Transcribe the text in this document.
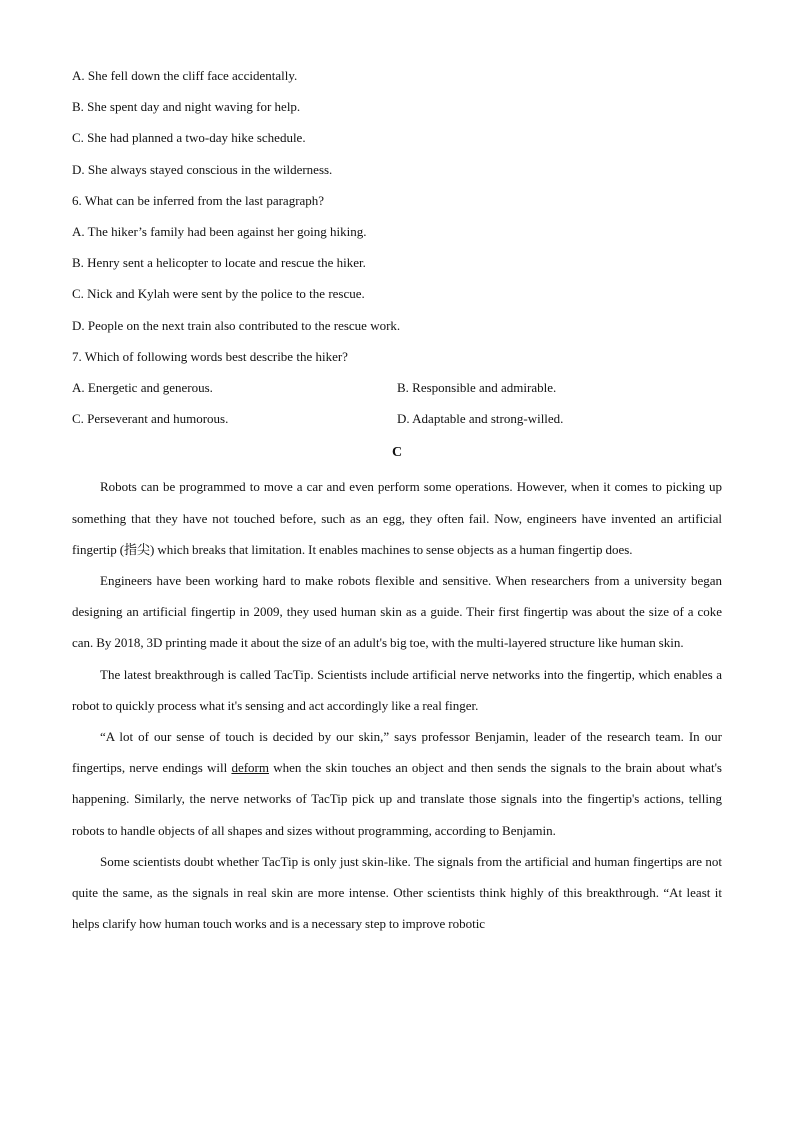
A. She fell down the cliff face accidentally.
B. She spent day and night waving for help.
C. She had planned a two-day hike schedule.
D. She always stayed conscious in the wilderness.
6. What can be inferred from the last paragraph?
A. The hiker’s family had been against her going hiking.
B. Henry sent a helicopter to locate and rescue the hiker.
C. Nick and Kylah were sent by the police to the rescue.
D. People on the next train also contributed to the rescue work.
7. Which of following words best describe the hiker?
A. Energetic and generous.	B. Responsible and admirable.
C. Perseverant and humorous.	D. Adaptable and strong-willed.
C

Robots can be programmed to move a car and even perform some operations. However, when it comes to picking up something that they have not touched before, such as an egg, they often fail. Now, engineers have invented an artificial fingertip (指尖) which breaks that limitation. It enables machines to sense objects as a human fingertip does.

Engineers have been working hard to make robots flexible and sensitive. When researchers from a university began designing an artificial fingertip in 2009, they used human skin as a guide. Their first fingertip was about the size of a coke can. By 2018, 3D printing made it about the size of an adult's big toe, with the multi-layered structure like human skin.

The latest breakthrough is called TacTip. Scientists include artificial nerve networks into the fingertip, which enables a robot to quickly process what it's sensing and act accordingly like a real finger.

“A lot of our sense of touch is decided by our skin,” says professor Benjamin, leader of the research team. In our fingertips, nerve endings will deform when the skin touches an object and then sends the signals to the brain about what's happening. Similarly, the nerve networks of TacTip pick up and translate those signals into the fingertip's actions, telling robots to handle objects of all shapes and sizes without programming, according to Benjamin.

Some scientists doubt whether TacTip is only just skin-like. The signals from the artificial and human fingertips are not quite the same, as the signals in real skin are more intense. Other scientists think highly of this breakthrough. “At least it helps clarify how human touch works and is a necessary step to improve robotic
